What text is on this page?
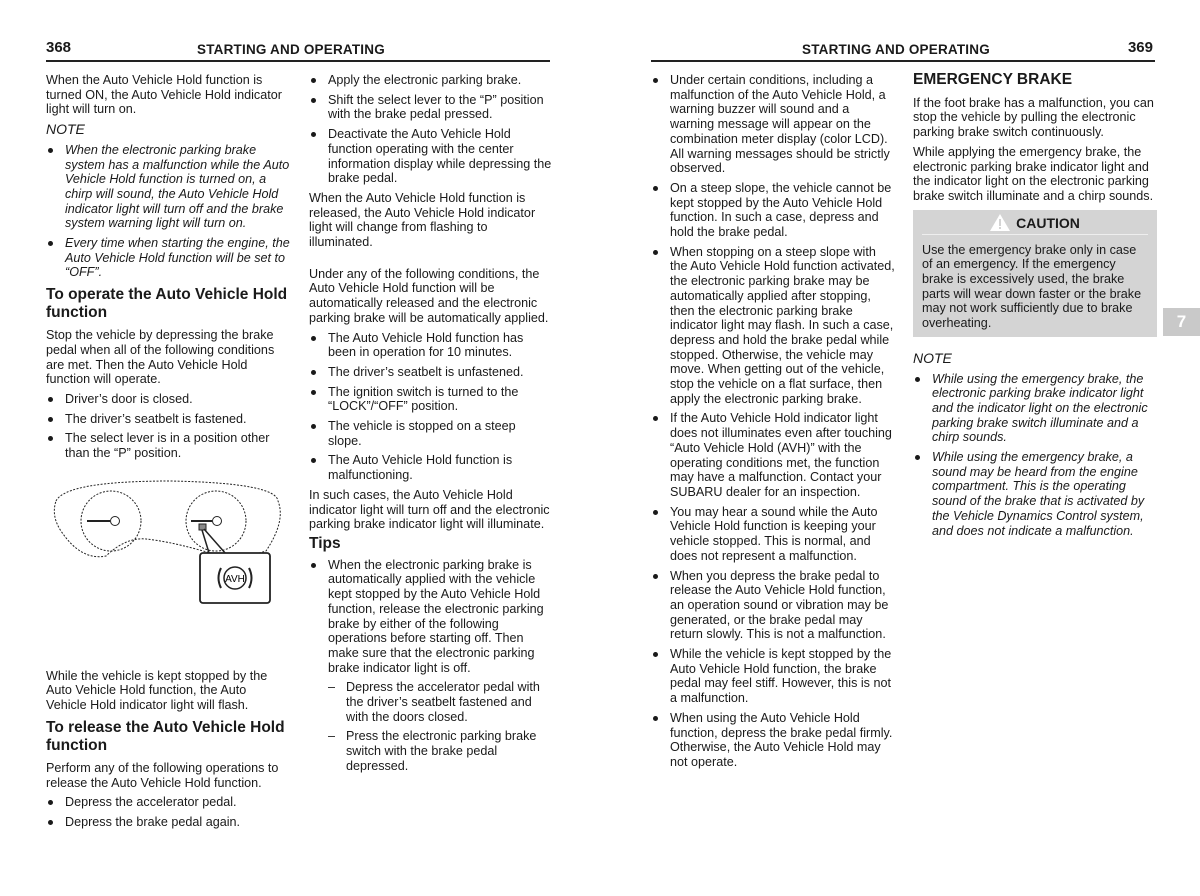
368	STARTING AND OPERATING	STARTING AND OPERATING	369
When the Auto Vehicle Hold function is turned ON, the Auto Vehicle Hold indicator light will turn on.
NOTE
When the electronic parking brake system has a malfunction while the Auto Vehicle Hold function is turned on, a chirp will sound, the Auto Vehicle Hold indicator light will turn off and the brake system warning light will turn on.
Every time when starting the engine, the Auto Vehicle Hold function will be set to “OFF”.
To operate the Auto Vehicle Hold function
Stop the vehicle by depressing the brake pedal when all of the following conditions are met. Then the Auto Vehicle Hold function will operate.
Driver’s door is closed.
The driver’s seatbelt is fastened.
The select lever is in a position other than the “P” position.
AVH
While the vehicle is kept stopped by the Auto Vehicle Hold function, the Auto Vehicle Hold indicator light will flash.
To release the Auto Vehicle Hold function
Perform any of the following operations to release the Auto Vehicle Hold function.
Depress the accelerator pedal.
Depress the brake pedal again.
Apply the electronic parking brake.
Shift the select lever to the “P” position with the brake pedal pressed.
Deactivate the Auto Vehicle Hold function operating with the center information display while depressing the brake pedal.
When the Auto Vehicle Hold function is released, the Auto Vehicle Hold indicator light will change from flashing to illuminated.
Under any of the following conditions, the Auto Vehicle Hold function will be automatically released and the electronic parking brake will be automatically applied.
The Auto Vehicle Hold function has been in operation for 10 minutes.
The driver’s seatbelt is unfastened.
The ignition switch is turned to the “LOCK”/“OFF” position.
The vehicle is stopped on a steep slope.
The Auto Vehicle Hold function is malfunctioning.
In such cases, the Auto Vehicle Hold indicator light will turn off and the electronic parking brake indicator light will illuminate.
Tips
When the electronic parking brake is automatically applied with the vehicle kept stopped by the Auto Vehicle Hold function, release the electronic parking brake by either of the following operations before starting off. Then make sure that the electronic parking brake indicator light is off.
– Depress the accelerator pedal with the driver’s seatbelt fastened and with the doors closed.
– Press the electronic parking brake switch with the brake pedal depressed.
Under certain conditions, including a malfunction of the Auto Vehicle Hold, a warning buzzer will sound and a warning message will appear on the combination meter display (color LCD). All warning messages should be strictly observed.
On a steep slope, the vehicle cannot be kept stopped by the Auto Vehicle Hold function. In such a case, depress and hold the brake pedal.
When stopping on a steep slope with the Auto Vehicle Hold function activated, the electronic parking brake may be automatically applied after stopping, then the electronic parking brake indicator light may flash. In such a case, depress and hold the brake pedal while stopped. Otherwise, the vehicle may move. When getting out of the vehicle, stop the vehicle on a flat surface, then apply the electronic parking brake.
If the Auto Vehicle Hold indicator light does not illuminates even after touching “Auto Vehicle Hold (AVH)” with the operating conditions met, the function may have a malfunction. Contact your SUBARU dealer for an inspection.
You may hear a sound while the Auto Vehicle Hold function is keeping your vehicle stopped. This is normal, and does not represent a malfunction.
When you depress the brake pedal to release the Auto Vehicle Hold function, an operation sound or vibration may be generated, or the brake pedal may return slowly. This is not a malfunction.
While the vehicle is kept stopped by the Auto Vehicle Hold function, the brake pedal may feel stiff. However, this is not a malfunction.
When using the Auto Vehicle Hold function, depress the brake pedal firmly. Otherwise, the Auto Vehicle Hold may not operate.
EMERGENCY BRAKE
If the foot brake has a malfunction, you can stop the vehicle by pulling the electronic parking brake switch continuously.
While applying the emergency brake, the electronic parking brake indicator light and the indicator light on the electronic parking brake switch illuminate and a chirp sounds.
CAUTION
Use the emergency brake only in case of an emergency. If the emergency brake is excessively used, the brake parts will wear down faster or the brake may not work sufficiently due to brake overheating.
NOTE
While using the emergency brake, the electronic parking brake indicator light and the indicator light on the electronic parking brake switch illuminate and a chirp sounds.
While using the emergency brake, a sound may be heard from the engine compartment. This is the operating sound of the brake that is activated by the Vehicle Dynamics Control system, and does not indicate a malfunction.
7
